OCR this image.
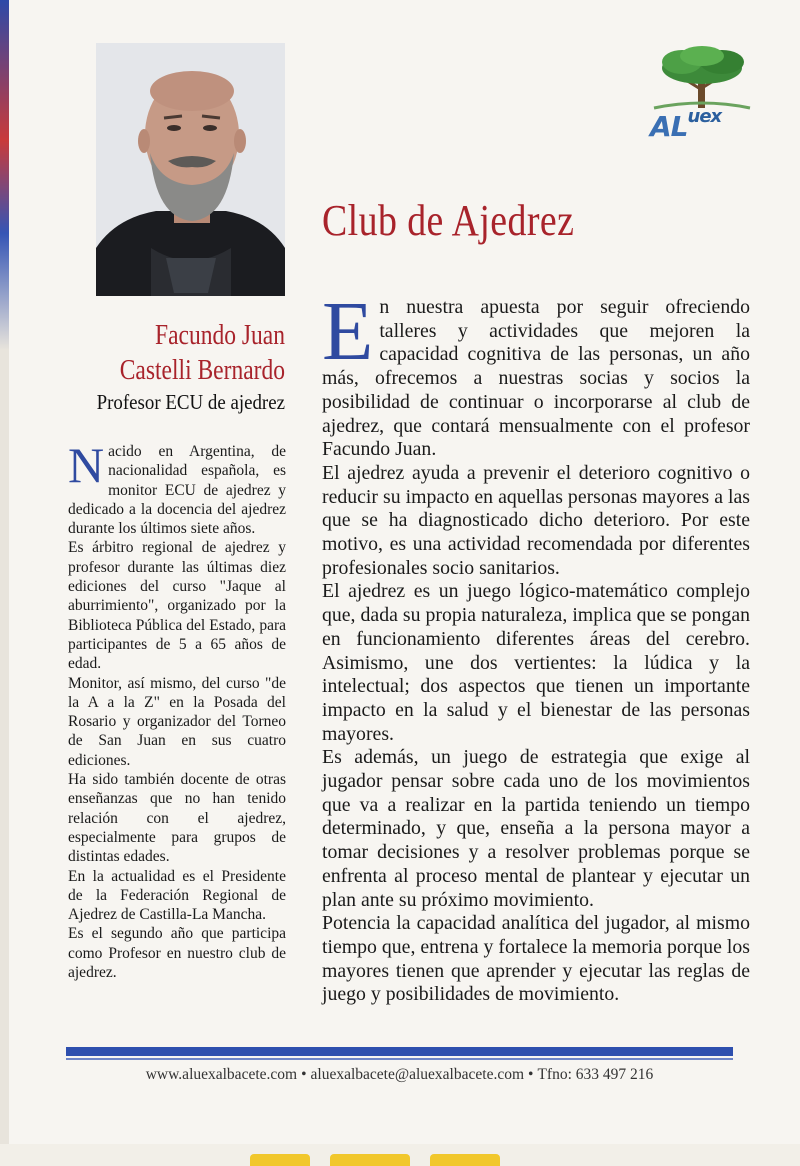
$AL^{uex}$
Club de Ajedrez
Facundo Juan
Castelli Bernardo
Profesor ECU de ajedrez

Nacido en Argentina, de nacionalidad española, es monitor ECU de ajedrez y dedicado a la docencia del ajedrez durante los últimos siete años.

Es árbitro regional de ajedrez y profesor durante las últimas diez ediciones del curso "Jaque al aburrimiento", organizado por la Biblioteca Pública del Estado, para participantes de 5 a 65 años de edad.

Monitor, así mismo, del curso "de la A a la Z" en la Posada del Rosario y organizador del Torneo de San Juan en sus cuatro ediciones.

Ha sido también docente de otras enseñanzas que no han tenido relación con el ajedrez, especialmente para grupos de distintas edades.

En la actualidad es el Presidente de la Federación Regional de Ajedrez de Castilla-La Mancha.

Es el segundo año que participa como Profesor en nuestro club de ajedrez.

En nuestra apuesta por seguir ofreciendo talleres y actividades que mejoren la capacidad cognitiva de las personas, un año más, ofrecemos a nuestras socias y socios la posibilidad de continuar o incorporarse al club de ajedrez, que contará mensualmente con el profesor Facundo Juan.

El ajedrez ayuda a prevenir el deterioro cognitivo o reducir su impacto en aquellas personas mayores a las que se ha diagnosticado dicho deterioro. Por este motivo, es una actividad recomendada por diferentes profesionales socio sanitarios.

El ajedrez es un juego lógico-matemático complejo que, dada su propia naturaleza, implica que se pongan en funcionamiento diferentes áreas del cerebro. Asimismo, une dos vertientes: la lúdica y la intelectual; dos aspectos que tienen un importante impacto en la salud y el bienestar de las personas mayores.

Es además, un juego de estrategia que exige al jugador pensar sobre cada uno de los movimientos que va a realizar en la partida teniendo un tiempo determinado, y que, enseña a la persona mayor a tomar decisiones y a resolver problemas porque se enfrenta al proceso mental de plantear y ejecutar un plan ante su próximo movimiento.

Potencia la capacidad analítica del jugador, al mismo tiempo que, entrena y fortalece la memoria porque los mayores tienen que aprender y ejecutar las reglas de juego y posibilidades de movimiento.

www.aluexalbacete.com • aluexalbacete@aluexalbacete.com • Tfno: 633 497 216
